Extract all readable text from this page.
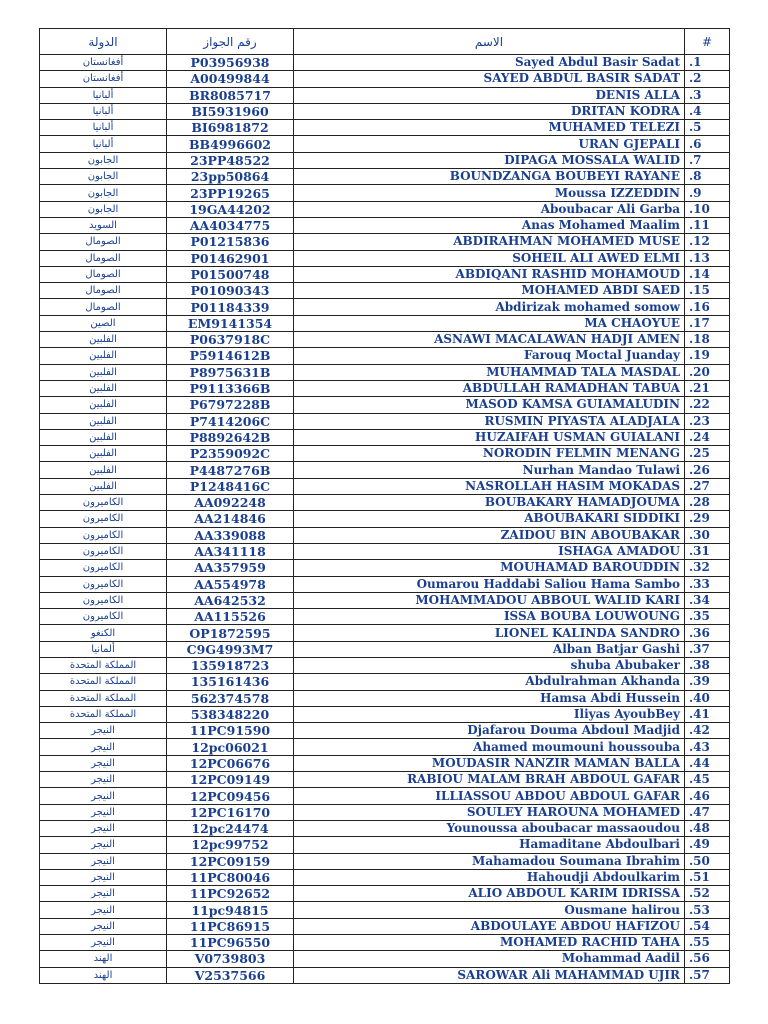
الدولة	رقم الجواز	الاسم	#
أفغانستان	P03956938	Sayed Abdul Basir Sadat	.1
أفغانستان	A00499844	SAYED ABDUL BASIR SADAT	.2
ألبانيا	BR8085717	DENIS ALLA	.3
ألبانيا	BI5931960	DRITAN KODRA	.4
ألبانيا	BI6981872	MUHAMED TELEZI	.5
ألبانيا	BB4996602	URAN GJEPALI	.6
الجابون	23PP48522	DIPAGA MOSSALA WALID	.7
الجابون	23pp50864	BOUNDZANGA BOUBEYI RAYANE	.8
الجابون	23PP19265	Moussa IZZEDDIN	.9
الجابون	19GA44202	Aboubacar Ali Garba	.10
السويد	AA4034775	Anas Mohamed Maalim	.11
الصومال	P01215836	ABDIRAHMAN MOHAMED MUSE	.12
الصومال	P01462901	SOHEIL ALI AWED ELMI	.13
الصومال	P01500748	ABDIQANI RASHID MOHAMOUD	.14
الصومال	P01090343	MOHAMED ABDI SAED	.15
الصومال	P01184339	Abdirizak mohamed somow	.16
الصين	EM9141354	MA CHAOYUE	.17
الفلبين	P0637918C	ASNAWI MACALAWAN HADJI AMEN	.18
الفلبين	P5914612B	Farouq Moctal Juanday	.19
الفلبين	P8975631B	MUHAMMAD TALA MASDAL	.20
الفلبين	P9113366B	ABDULLAH RAMADHAN TABUA	.21
الفلبين	P6797228B	MASOD KAMSA GUIAMALUDIN	.22
الفلبين	P7414206C	RUSMIN PIYASTA ALADJALA	.23
الفلبين	P8892642B	HUZAIFAH USMAN GUIALANI	.24
الفلبين	P2359092C	NORODIN FELMIN MENANG	.25
الفلبين	P4487276B	Nurhan Mandao Tulawi	.26
الفلبين	P1248416C	NASROLLAH HASIM MOKADAS	.27
الكاميرون	AA092248	BOUBAKARY HAMADJOUMA	.28
الكاميرون	AA214846	ABOUBAKARI SIDDIKI	.29
الكاميرون	AA339088	ZAIDOU BIN ABOUBAKAR	.30
الكاميرون	AA341118	ISHAGA AMADOU	.31
الكاميرون	AA357959	MOUHAMAD BAROUDDIN	.32
الكاميرون	AA554978	Oumarou Haddabi Saliou Hama Sambo	.33
الكاميرون	AA642532	MOHAMMADOU ABBOUL WALID KARI	.34
الكاميرون	AA115526	ISSA BOUBA LOUWOUNG	.35
الكنغو	OP1872595	LIONEL KALINDA SANDRO	.36
ألمانيا	C9G4993M7	Alban Batjar Gashi	.37
المملكة المتحدة	135918723	shuba Abubaker	.38
المملكة المتحدة	135161436	Abdulrahman Akhanda	.39
المملكة المتحدة	562374578	Hamsa Abdi Hussein	.40
المملكة المتحدة	538348220	Iliyas AyoubBey	.41
النيجر	11PC91590	Djafarou Douma Abdoul Madjid	.42
النيجر	12pc06021	Ahamed moumouni houssouba	.43
النيجر	12PC06676	MOUDASIR NANZIR MAMAN BALLA	.44
النيجر	12PC09149	RABIOU MALAM BRAH ABDOUL GAFAR	.45
النيجر	12PC09456	ILLIASSOU ABDOU ABDOUL GAFAR	.46
النيجر	12PC16170	SOULEY HAROUNA MOHAMED	.47
النيجر	12pc24474	Younoussa aboubacar massaoudou	.48
النيجر	12pc99752	Hamaditane Abdoulbari	.49
النيجر	12PC09159	Mahamadou Soumana Ibrahim	.50
النيجر	11PC80046	Hahoudji Abdoulkarim	.51
النيجر	11PC92652	ALIO ABDOUL KARIM IDRISSA	.52
النيجر	11pc94815	Ousmane halirou	.53
النيجر	11PC86915	ABDOULAYE ABDOU HAFIZOU	.54
النيجر	11PC96550	MOHAMED RACHID TAHA	.55
الهند	V0739803	Mohammad Aadil	.56
الهند	V2537566	SAROWAR Ali MAHAMMAD UJIR	.57
